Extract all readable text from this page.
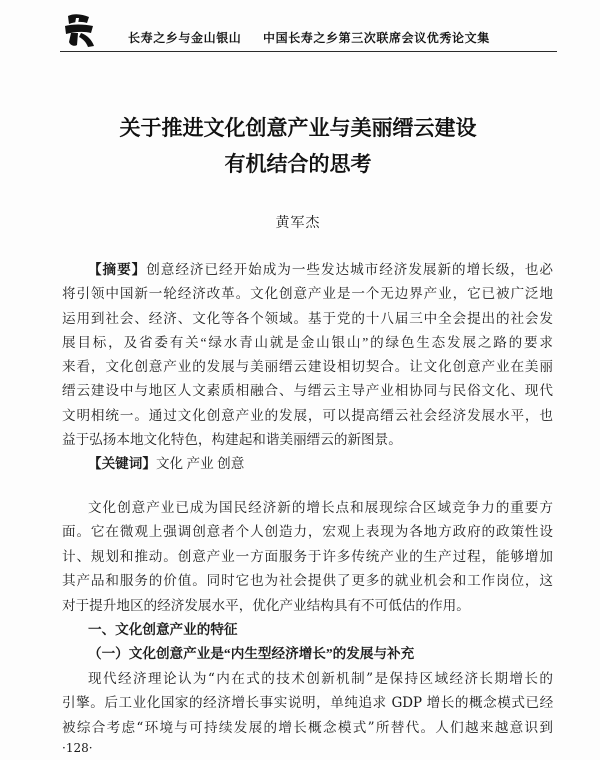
长寿之乡与金山银山 中国长寿之乡第三次联席会议优秀论文集
关于推进文化创意产业与美丽缙云建设
有机结合的思考
黄军杰
【摘要】创意经济已经开始成为一些发达城市经济发展新的增长级，也必
将引领中国新一轮经济改革。文化创意产业是一个无边界产业，它已被广泛地
运用到社会、经济、文化等各个领域。基于党的十八届三中全会提出的社会发
展目标，及省委有关“绿水青山就是金山银山”的绿色生态发展之路的要求
来看，文化创意产业的发展与美丽缙云建设相切契合。让文化创意产业在美丽
缙云建设中与地区人文素质相融合、与缙云主导产业相协同与民俗文化、现代
文明相统一。通过文化创意产业的发展，可以提高缙云社会经济发展水平，也
益于弘扬本地文化特色，构建起和谐美丽缙云的新图景。
【关键词】文化 产业 创意
文化创意产业已成为国民经济新的增长点和展现综合区域竞争力的重要方
面。它在微观上强调创意者个人创造力，宏观上表现为各地方政府的政策性设
计、规划和推动。创意产业一方面服务于许多传统产业的生产过程，能够增加
其产品和服务的价值。同时它也为社会提供了更多的就业机会和工作岗位，这
对于提升地区的经济发展水平，优化产业结构具有不可低估的作用。
一、文化创意产业的特征
（一）文化创意产业是“内生型经济增长”的发展与补充
现代经济理论认为“内在式的技术创新机制”是保持区域经济长期增长的
引擎。后工业化国家的经济增长事实说明，单纯追求 GDP 增长的概念模式已经
被综合考虑“环境与可持续发展的增长概念模式”所替代。人们越来越意识到
·128·
